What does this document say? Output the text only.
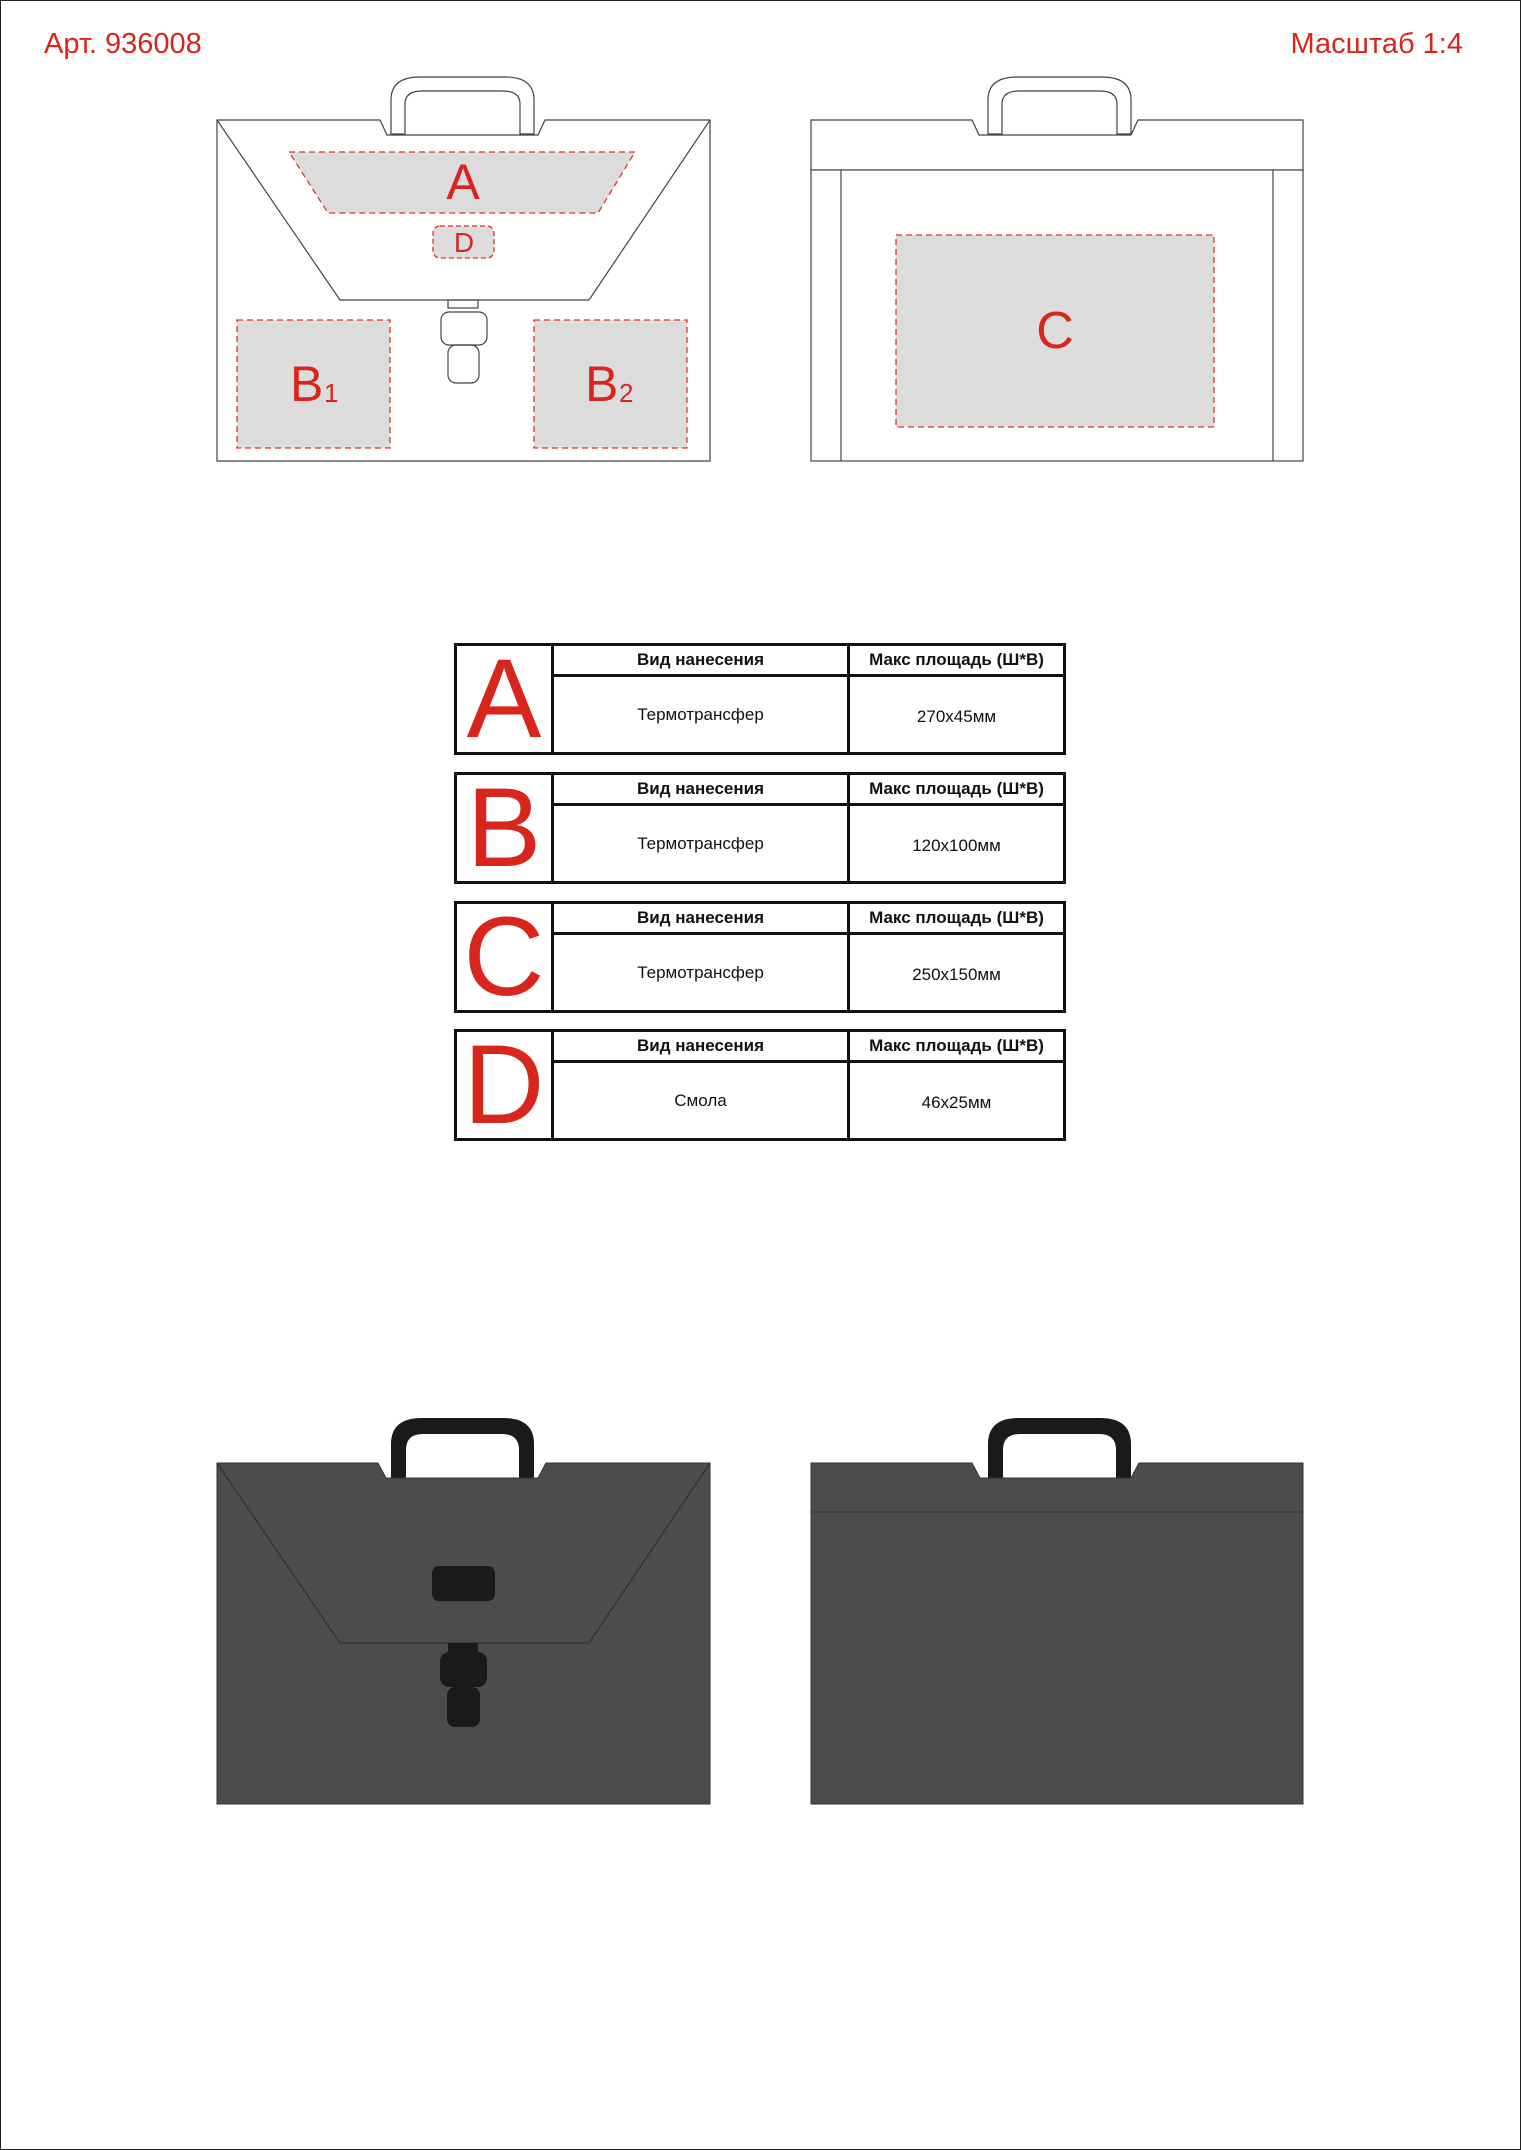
Арт. 936008	Масштаб 1:4
A
D
B 1	B 2
C
A	Вид нанесения	Макс площадь (Ш*В)
Термотрансфер	270x45мм
B	Вид нанесения	Макс площадь (Ш*В)
Термотрансфер	120x100мм
C	Вид нанесения	Макс площадь (Ш*В)
Термотрансфер	250x150мм
D	Вид нанесения	Макс площадь (Ш*В)
Смола	46x25мм
